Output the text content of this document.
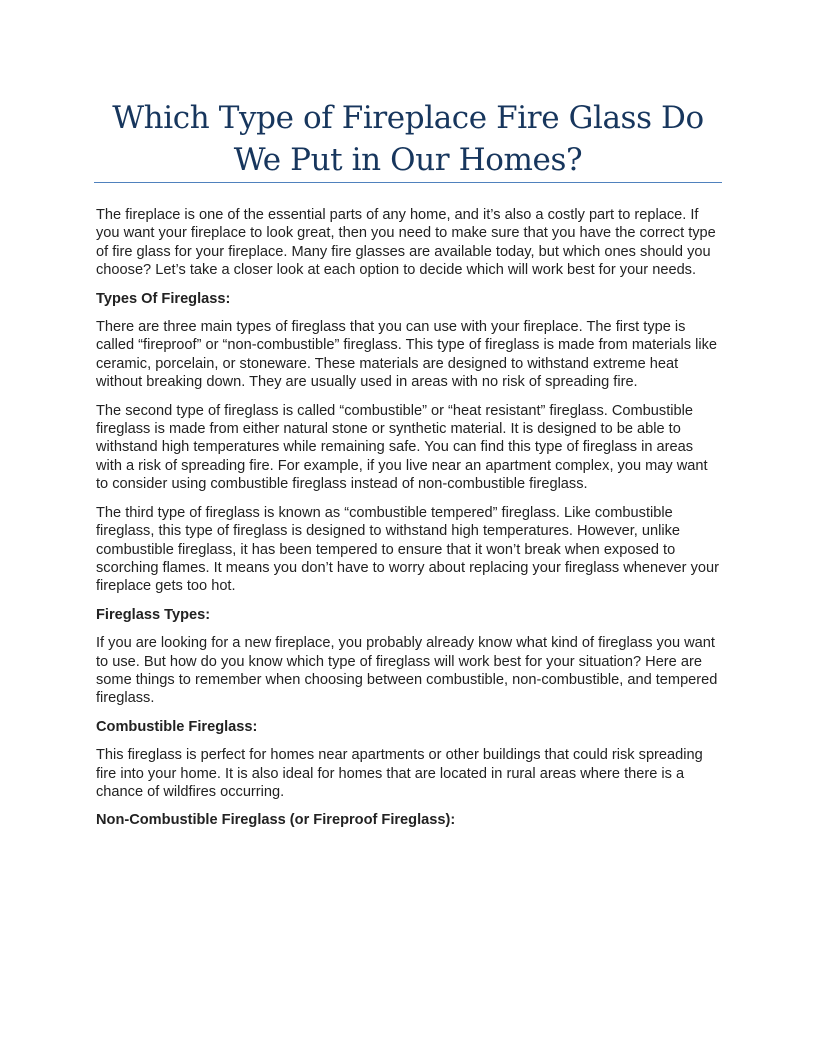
Which Type of Fireplace Fire Glass Do
We Put in Our Homes?

The fireplace is one of the essential parts of any home, and it’s also a costly part to replace. If you want your fireplace to look great, then you need to make sure that you have the correct type of fire glass for your fireplace. Many fire glasses are available today, but which ones should you choose? Let’s take a closer look at each option to decide which will work best for your needs.

Types Of Fireglass:

There are three main types of fireglass that you can use with your fireplace. The first type is called “fireproof” or “non-combustible” fireglass. This type of fireglass is made from materials like ceramic, porcelain, or stoneware. These materials are designed to withstand extreme heat without breaking down. They are usually used in areas with no risk of spreading fire.

The second type of fireglass is called “combustible” or “heat resistant” fireglass. Combustible fireglass is made from either natural stone or synthetic material. It is designed to be able to withstand high temperatures while remaining safe. You can find this type of fireglass in areas with a risk of spreading fire. For example, if you live near an apartment complex, you may want to consider using combustible fireglass instead of non-combustible fireglass.

The third type of fireglass is known as “combustible tempered” fireglass. Like combustible fireglass, this type of fireglass is designed to withstand high temperatures. However, unlike combustible fireglass, it has been tempered to ensure that it won’t break when exposed to scorching flames. It means you don’t have to worry about replacing your fireglass whenever your fireplace gets too hot.

Fireglass Types:

If you are looking for a new fireplace, you probably already know what kind of fireglass you want to use. But how do you know which type of fireglass will work best for your situation? Here are some things to remember when choosing between combustible, non-combustible, and tempered fireglass.

Combustible Fireglass:

This fireglass is perfect for homes near apartments or other buildings that could risk spreading fire into your home. It is also ideal for homes that are located in rural areas where there is a chance of wildfires occurring.

Non-Combustible Fireglass (or Fireproof Fireglass):
